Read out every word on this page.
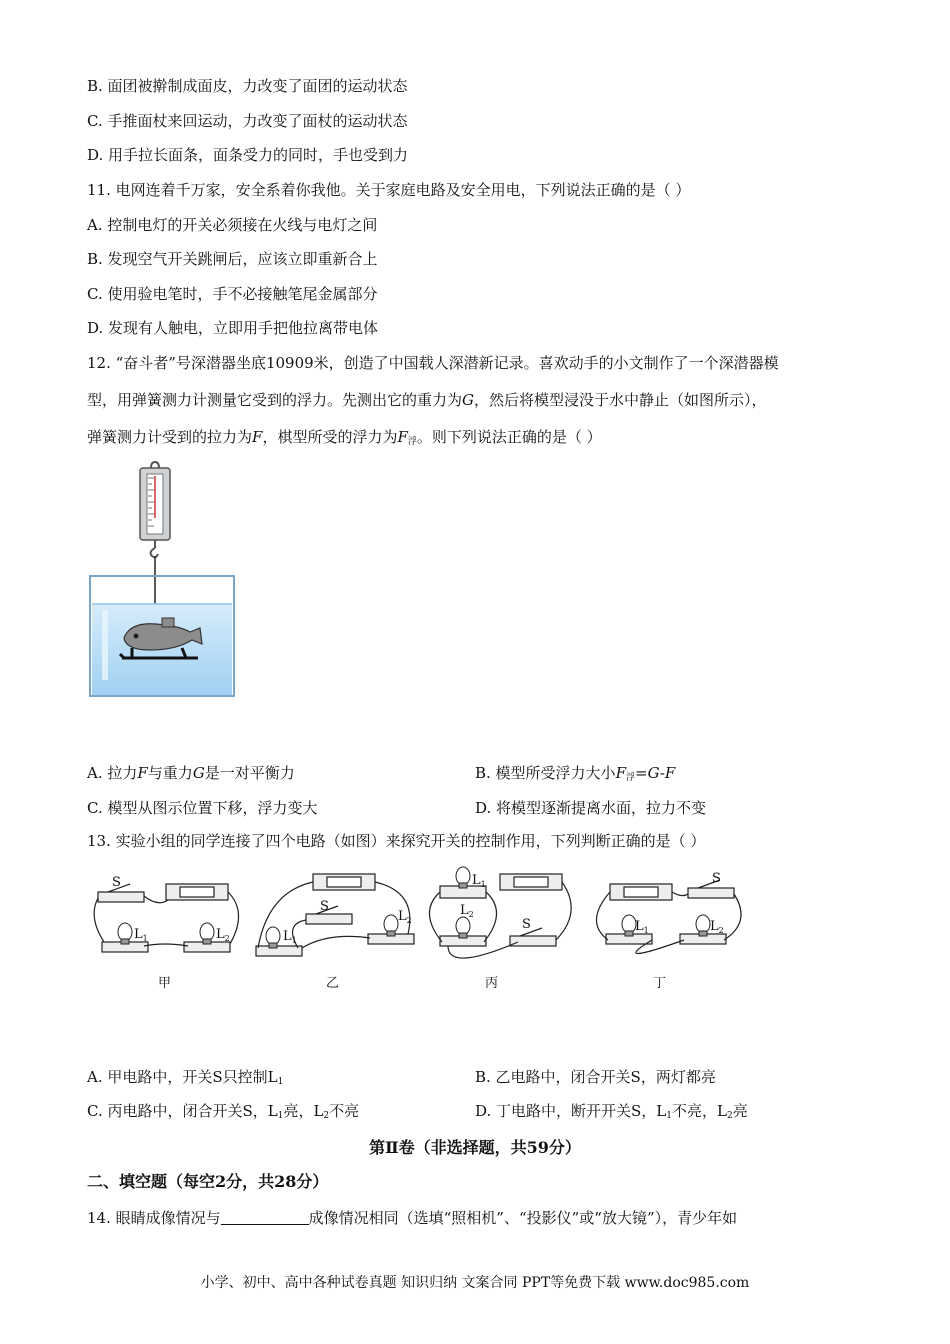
B. 面团被擀制成面皮，力改变了面团的运动状态
C. 手推面杖来回运动，力改变了面杖的运动状态
D. 用手拉长面条，面条受力的同时，手也受到力
11. 电网连着千万家，安全系着你我他。关于家庭电路及安全用电，下列说法正确的是（ ）
A. 控制电灯的开关必须接在火线与电灯之间
B. 发现空气开关跳闸后，应该立即重新合上
C. 使用验电笔时，手不必接触笔尾金属部分
D. 发现有人触电，立即用手把他拉离带电体
12. “奋斗者”号深潜器坐底10909米，创造了中国载人深潜新记录。喜欢动手的小文制作了一个深潜器模
型，用弹簧测力计测量它受到的浮力。先测出它的重力为G，然后将模型浸没于水中静止（如图所示），
弹簧测力计受到的拉力为F，棋型所受的浮力为$F_浮$。则下列说法正确的是（ ）
A. 拉力F与重力G是一对平衡力	B. 模型所受浮力大小$F_浮=G-F$
C. 模型从图示位置下移，浮力变大	D. 将模型逐渐提离水面，拉力不变
13. 实验小组的同学连接了四个电路（如图）来探究开关的控制作用，下列判断正确的是（ ）
S
$L_1$	$L_2$
S
$L_1$
$L_2$
$L_1$
$L_2$
S
S
$L_1$	$L_2$
甲	乙	丙	丁
A. 甲电路中，开关S只控制$L_1$	B. 乙电路中，闭合开关S，两灯都亮
C. 丙电路中，闭合开关S，$L_1$亮，$L_2$不亮	D. 丁电路中，断开开关S，$L_1$不亮，$L_2$亮
第Ⅱ卷（非选择题，共59分）
二、填空题（每空2分，共28分）
14. 眼睛成像情况与	成像情况相同（选填“照相机”、“投影仪”或“放大镜”），青少年如
小学、初中、高中各种试卷真题 知识归纳 文案合同 PPT等免费下载 www.doc985.com
